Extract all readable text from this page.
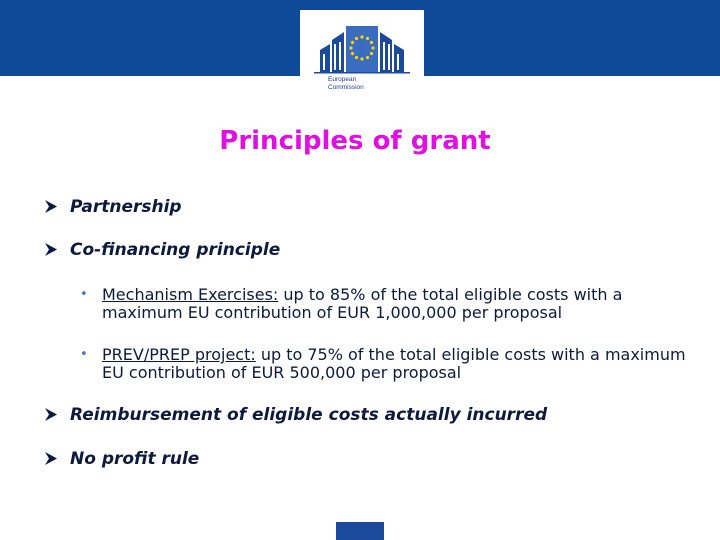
European
Commission
Principles of grant
Partnership
Co-financing principle
• Mechanism Exercises: up to 85% of the total eligible costs with a maximum EU contribution of EUR 1,000,000 per proposal
• PREV/PREP project: up to 75% of the total eligible costs with a maximum EU contribution of EUR 500,000 per proposal
Reimbursement of eligible costs actually incurred
No profit rule
